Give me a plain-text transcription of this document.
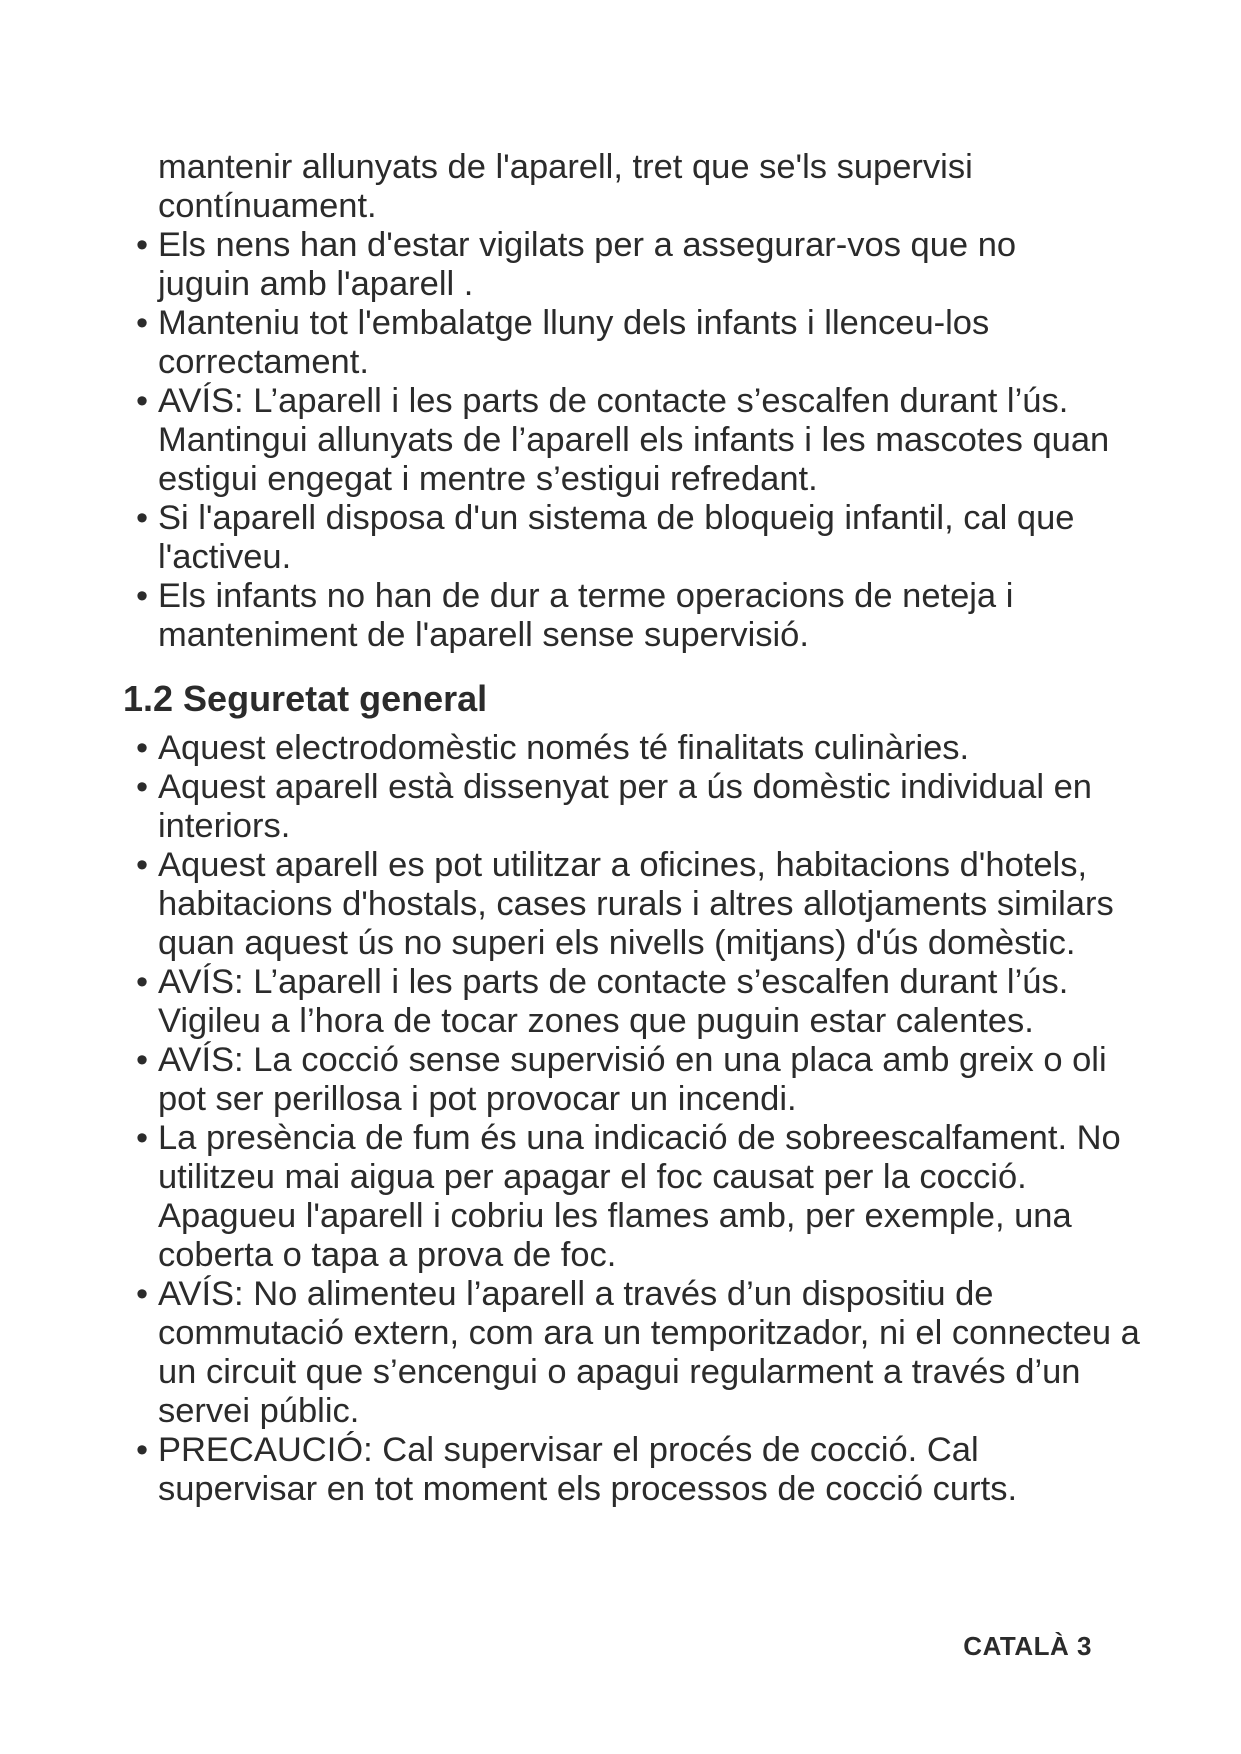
mantenir allunyats de l'aparell, tret que se'ls supervisi contínuament.

• Els nens han d'estar vigilats per a assegurar-vos que no juguin amb l'aparell .
• Manteniu tot l'embalatge lluny dels infants i llenceu-los correctament.
• AVÍS: L’aparell i les parts de contacte s’escalfen durant l’ús. Mantingui allunyats de l’aparell els infants i les mascotes quan estigui engegat i mentre s’estigui refredant.
• Si l'aparell disposa d'un sistema de bloqueig infantil, cal que l'activeu.
• Els infants no han de dur a terme operacions de neteja i manteniment de l'aparell sense supervisió.
1.2 Seguretat general
• Aquest electrodomèstic només té finalitats culinàries.
• Aquest aparell està dissenyat per a ús domèstic individual en interiors.
• Aquest aparell es pot utilitzar a oficines, habitacions d'hotels, habitacions d'hostals, cases rurals i altres allotjaments similars quan aquest ús no superi els nivells (mitjans) d'ús domèstic.
• AVÍS: L’aparell i les parts de contacte s’escalfen durant l’ús. Vigileu a l’hora de tocar zones que puguin estar calentes.
• AVÍS: La cocció sense supervisió en una placa amb greix o oli pot ser perillosa i pot provocar un incendi.
• La presència de fum és una indicació de sobreescalfament. No utilitzeu mai aigua per apagar el foc causat per la cocció. Apagueu l'aparell i cobriu les flames amb, per exemple, una coberta o tapa a prova de foc.
• AVÍS: No alimenteu l’aparell a través d’un dispositiu de commutació extern, com ara un temporitzador, ni el connecteu a un circuit que s’encengui o apagui regularment a través d’un servei públic.
• PRECAUCIÓ: Cal supervisar el procés de cocció. Cal supervisar en tot moment els processos de cocció curts.
CATALÀ 3
